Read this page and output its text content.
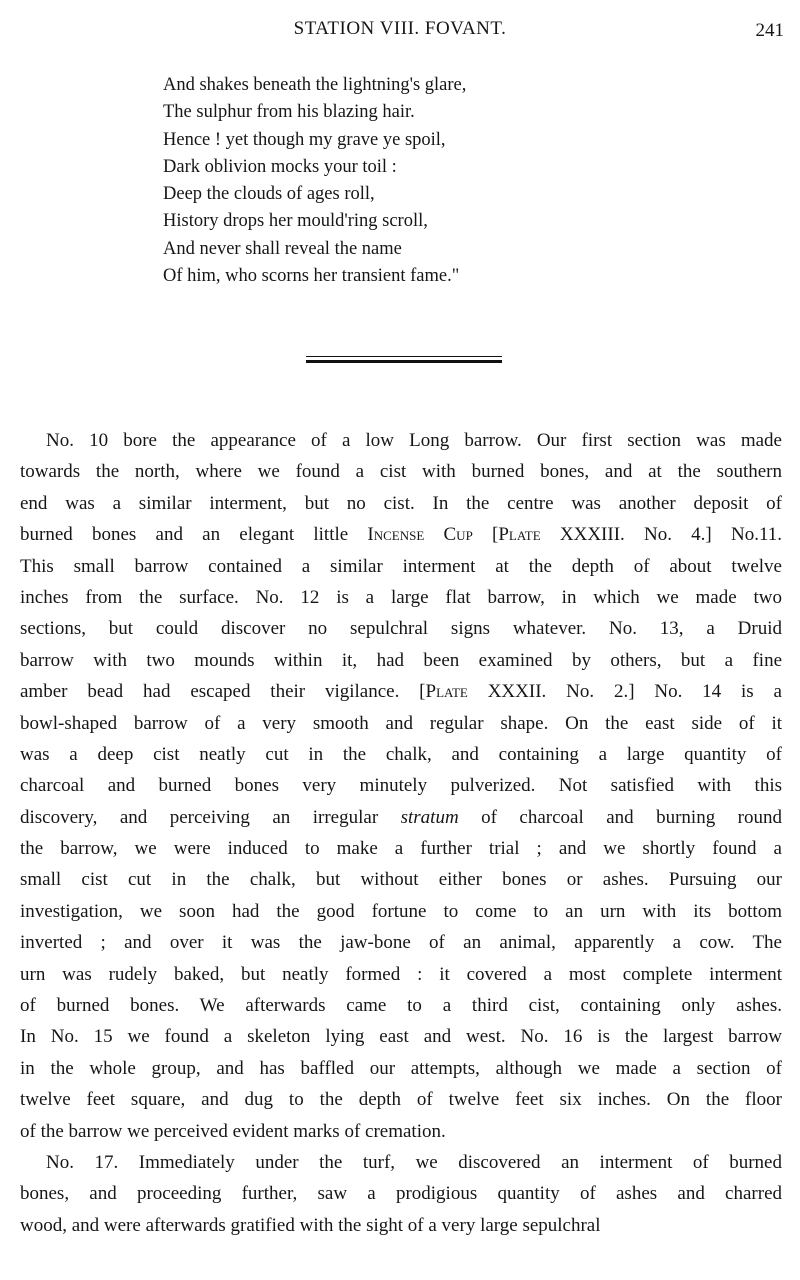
STATION VIII. FOVANT.	241
And shakes beneath the lightning's glare,
The sulphur from his blazing hair.
Hence ! yet though my grave ye spoil,
Dark oblivion mocks your toil :
Deep the clouds of ages roll,
History drops her mould'ring scroll,
And never shall reveal the name
Of him, who scorns her transient fame."
No. 10 bore the appearance of a low Long barrow. Our first section was made
towards the north, where we found a cist with burned bones, and at the southern
end was a similar interment, but no cist. In the centre was another deposit of
burned bones and an elegant little Incense Cup [Plate XXXIII. No. 4.] No.11.
This small barrow contained a similar interment at the depth of about twelve
inches from the surface. No. 12 is a large flat barrow, in which we made two
sections, but could discover no sepulchral signs whatever. No. 13, a Druid
barrow with two mounds within it, had been examined by others, but a fine
amber bead had escaped their vigilance. [Plate XXXII. No. 2.] No. 14 is a
bowl-shaped barrow of a very smooth and regular shape. On the east side of it
was a deep cist neatly cut in the chalk, and containing a large quantity of
charcoal and burned bones very minutely pulverized. Not satisfied with this
discovery, and perceiving an irregular stratum of charcoal and burning round
the barrow, we were induced to make a further trial ; and we shortly found a
small cist cut in the chalk, but without either bones or ashes. Pursuing our
investigation, we soon had the good fortune to come to an urn with its bottom
inverted ; and over it was the jaw-bone of an animal, apparently a cow. The
urn was rudely baked, but neatly formed : it covered a most complete interment
of burned bones. We afterwards came to a third cist, containing only ashes.
In No. 15 we found a skeleton lying east and west. No. 16 is the largest barrow
in the whole group, and has baffled our attempts, although we made a section of
twelve feet square, and dug to the depth of twelve feet six inches. On the floor
of the barrow we perceived evident marks of cremation.
No. 17. Immediately under the turf, we discovered an interment of burned
bones, and proceeding further, saw a prodigious quantity of ashes and charred
wood, and were afterwards gratified with the sight of a very large sepulchral
